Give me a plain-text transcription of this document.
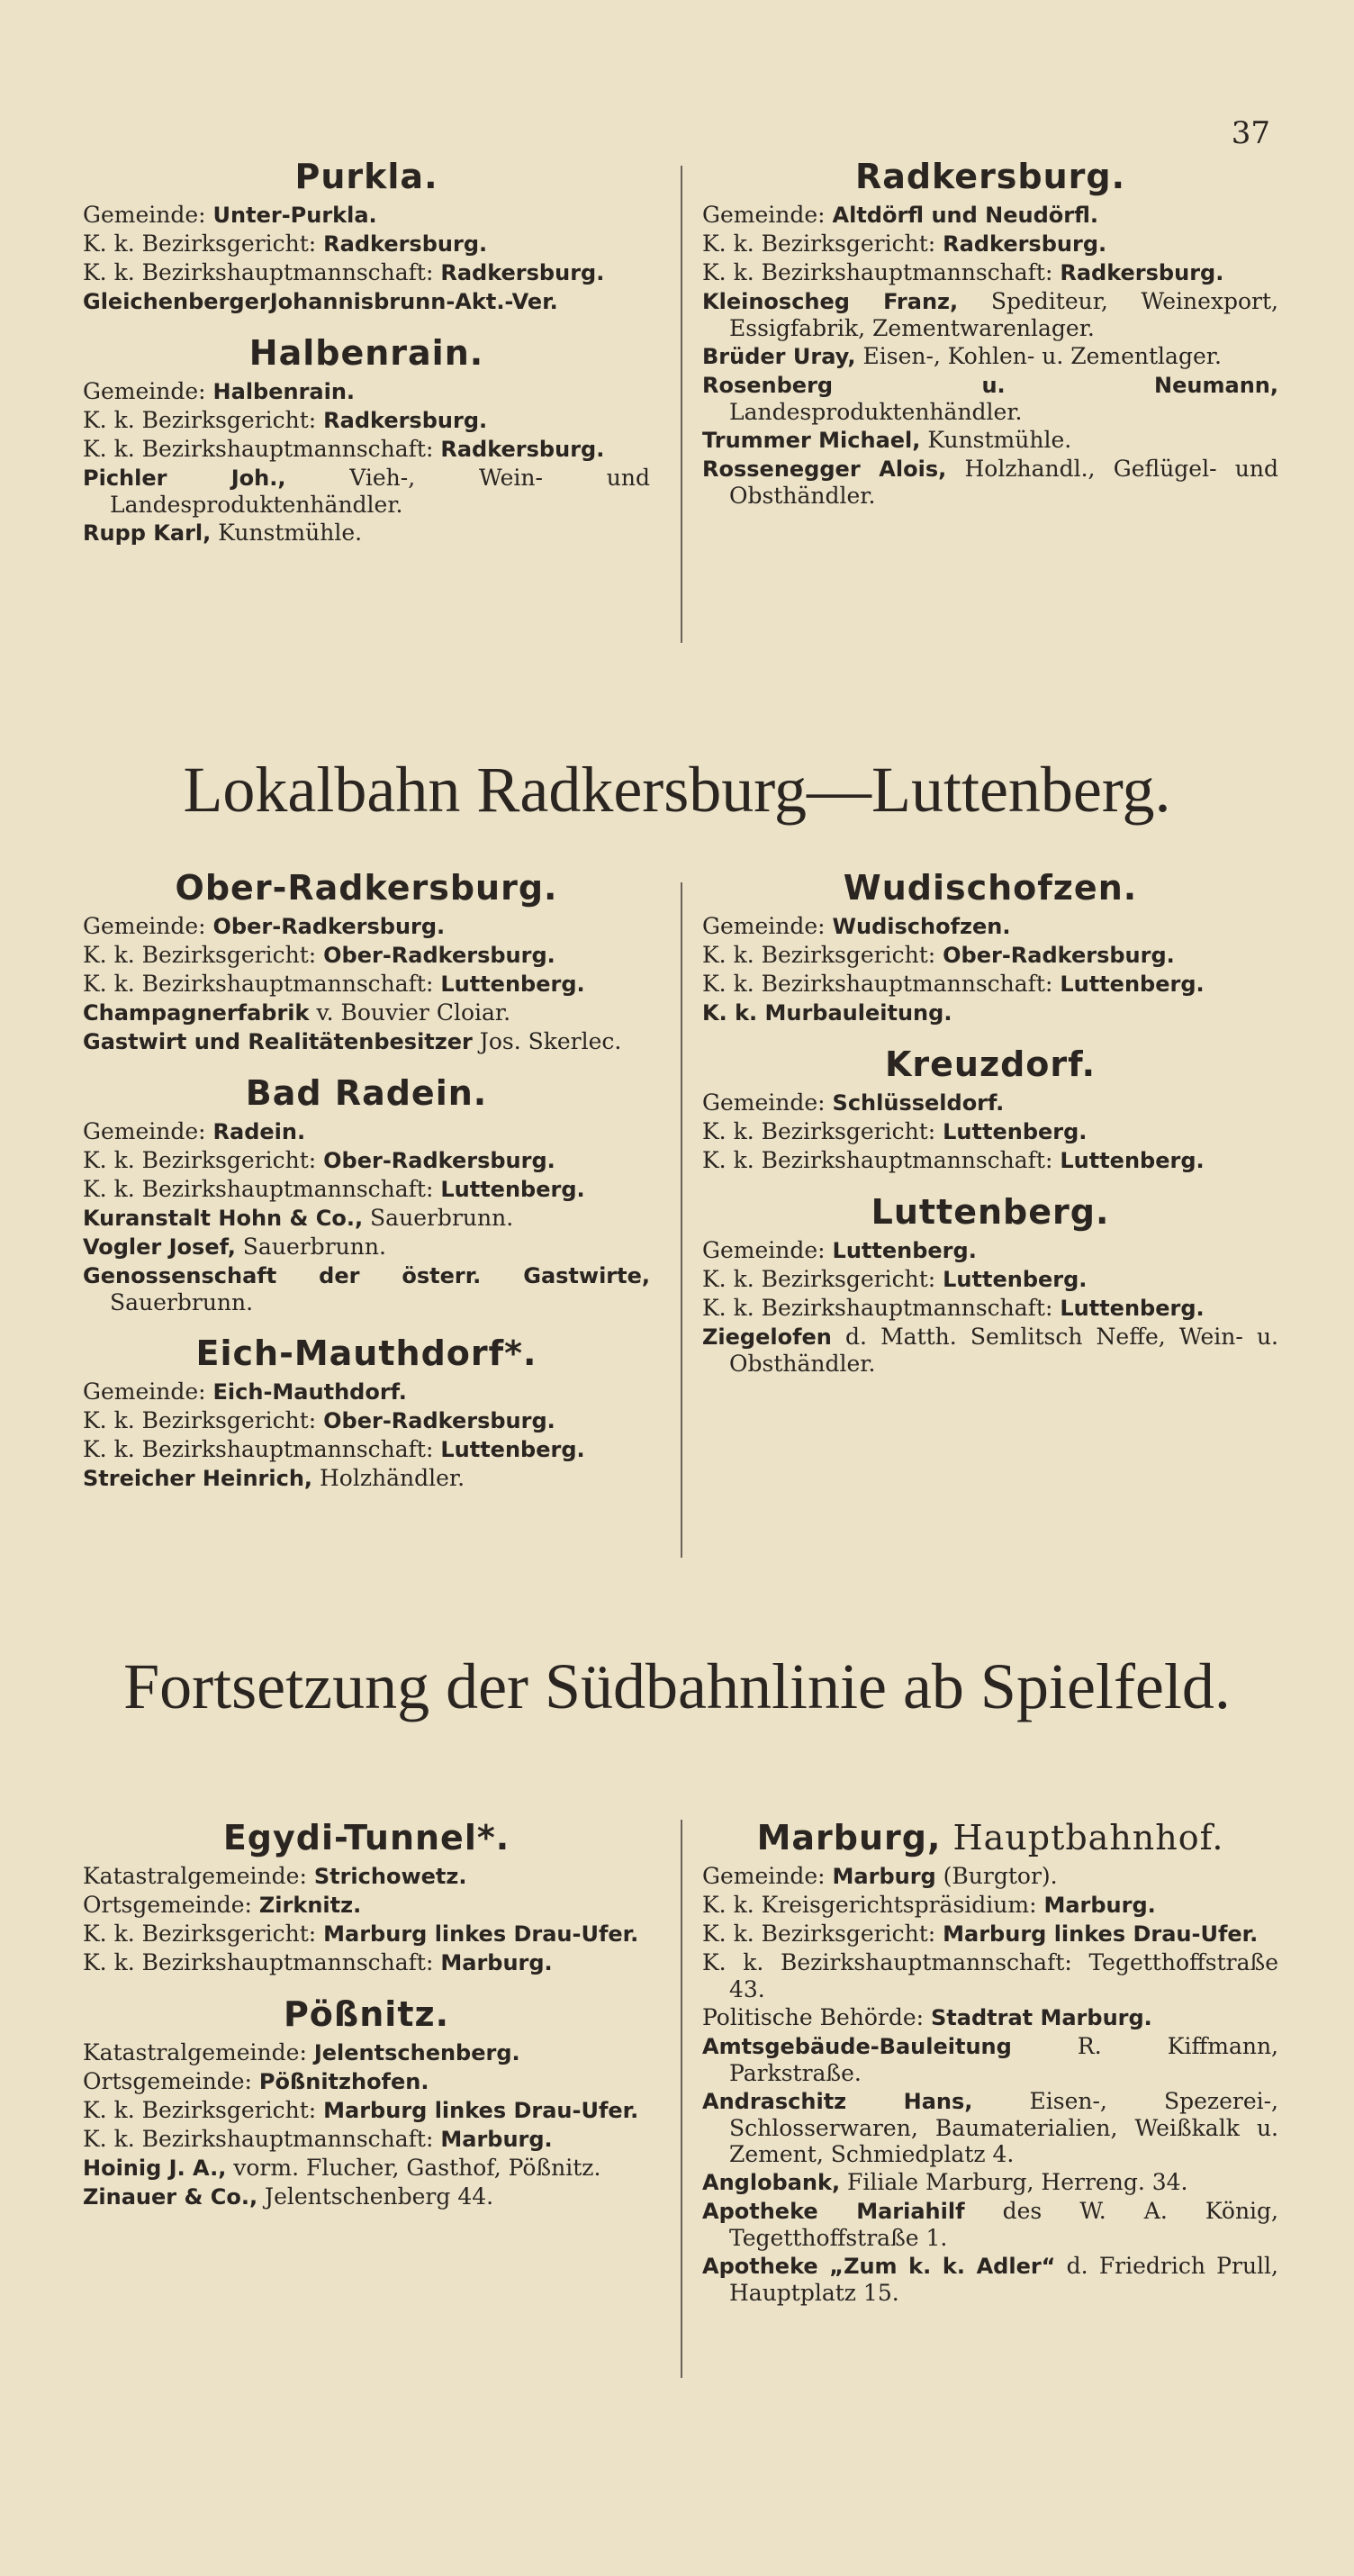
37
Purkla.
Gemeinde: Unter-Purkla.
K. k. Bezirksgericht: Radkersburg.
K. k. Bezirkshauptmannschaft: Radkersburg.
GleichenbergerJohannisbrunn-Akt.-Ver.
Halbenrain.
Gemeinde: Halbenrain.
K. k. Bezirksgericht: Radkersburg.
K. k. Bezirkshauptmannschaft: Radkersburg.
Pichler Joh., Vieh-, Wein- und Landesproduktenhändler.
Rupp Karl, Kunstmühle.
Radkersburg.
Gemeinde: Altdörfl und Neudörfl.
K. k. Bezirksgericht: Radkersburg.
K. k. Bezirkshauptmannschaft: Radkersburg.
Kleinoscheg Franz, Spediteur, Weinexport, Essigfabrik, Zementwarenlager.
Brüder Uray, Eisen-, Kohlen- u. Zementlager.
Rosenberg u. Neumann, Landesproduktenhändler.
Trummer Michael, Kunstmühle.
Rossenegger Alois, Holzhandl., Geflügel- und Obsthändler.
Lokalbahn Radkersburg—Luttenberg.
Ober-Radkersburg.
Gemeinde: Ober-Radkersburg.
K. k. Bezirksgericht: Ober-Radkersburg.
K. k. Bezirkshauptmannschaft: Luttenberg.
Champagnerfabrik v. Bouvier Cloiar.
Gastwirt und Realitätenbesitzer Jos. Skerlec.
Bad Radein.
Gemeinde: Radein.
K. k. Bezirksgericht: Ober-Radkersburg.
K. k. Bezirkshauptmannschaft: Luttenberg.
Kuranstalt Hohn & Co., Sauerbrunn.
Vogler Josef, Sauerbrunn.
Genossenschaft der österr. Gastwirte, Sauerbrunn.
Eich-Mauthdorf*.
Gemeinde: Eich-Mauthdorf.
K. k. Bezirksgericht: Ober-Radkersburg.
K. k. Bezirkshauptmannschaft: Luttenberg.
Streicher Heinrich, Holzhändler.
Wudischofzen.
Gemeinde: Wudischofzen.
K. k. Bezirksgericht: Ober-Radkersburg.
K. k. Bezirkshauptmannschaft: Luttenberg.
K. k. Murbauleitung.
Kreuzdorf.
Gemeinde: Schlüsseldorf.
K. k. Bezirksgericht: Luttenberg.
K. k. Bezirkshauptmannschaft: Luttenberg.
Luttenberg.
Gemeinde: Luttenberg.
K. k. Bezirksgericht: Luttenberg.
K. k. Bezirkshauptmannschaft: Luttenberg.
Ziegelofen d. Matth. Semlitsch Neffe, Wein- u. Obsthändler.
Fortsetzung der Südbahnlinie ab Spielfeld.
Egydi-Tunnel*.
Katastralgemeinde: Strichowetz.
Ortsgemeinde: Zirknitz.
K. k. Bezirksgericht: Marburg linkes Drau-Ufer.
K. k. Bezirkshauptmannschaft: Marburg.
Pößnitz.
Katastralgemeinde: Jelentschenberg.
Ortsgemeinde: Pößnitzhofen.
K. k. Bezirksgericht: Marburg linkes Drau-Ufer.
K. k. Bezirkshauptmannschaft: Marburg.
Hoinig J. A., vorm. Flucher, Gasthof, Pößnitz.
Zinauer & Co., Jelentschenberg 44.
Marburg, Hauptbahnhof.
Gemeinde: Marburg (Burgtor).
K. k. Kreisgerichtspräsidium: Marburg.
K. k. Bezirksgericht: Marburg linkes Drau-Ufer.
K. k. Bezirkshauptmannschaft: Tegetthoffstraße 43.
Politische Behörde: Stadtrat Marburg.
Amtsgebäude-Bauleitung R. Kiffmann, Parkstraße.
Andraschitz Hans, Eisen-, Spezerei-, Schlosserwaren, Baumaterialien, Weißkalk u. Zement, Schmiedplatz 4.
Anglobank, Filiale Marburg, Herreng. 34.
Apotheke Mariahilf des W. A. König, Tegetthoffstraße 1.
Apotheke „Zum k. k. Adler“ d. Friedrich Prull, Hauptplatz 15.
